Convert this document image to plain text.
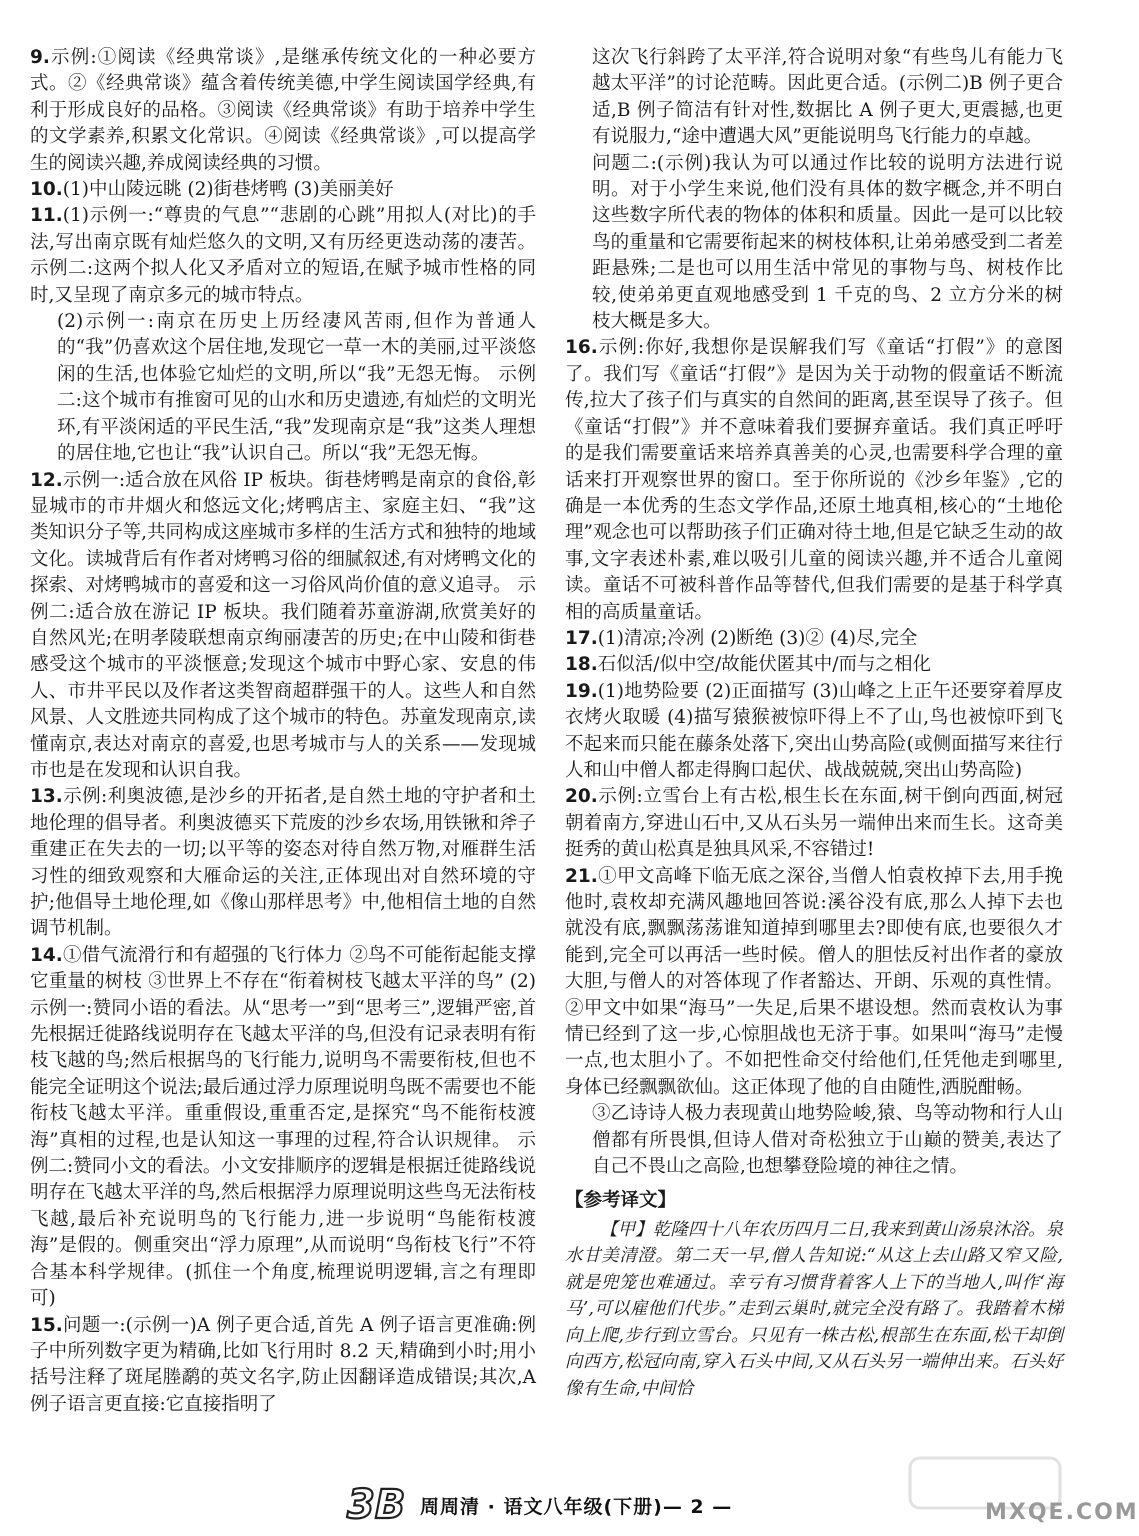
9.示例:①阅读《经典常谈》,是继承传统文化的一种必要方式。②《经典常谈》蕴含着传统美德,中学生阅读国学经典,有利于形成良好的品格。③阅读《经典常谈》有助于培养中学生的文学素养,积累文化常识。④阅读《经典常谈》,可以提高学生的阅读兴趣,养成阅读经典的习惯。

10.(1)中山陵远眺 (2)街巷烤鸭 (3)美丽美好

11.(1)示例一:“尊贵的气息”“悲剧的心跳”用拟人(对比)的手法,写出南京既有灿烂悠久的文明,又有历经更迭动荡的凄苦。 示例二:这两个拟人化又矛盾对立的短语,在赋予城市性格的同时,又呈现了南京多元的城市特点。

(2)示例一:南京在历史上历经凄风苦雨,但作为普通人的“我”仍喜欢这个居住地,发现它一草一木的美丽,过平淡悠闲的生活,也体验它灿烂的文明,所以“我”无怨无悔。 示例二:这个城市有推窗可见的山水和历史遗迹,有灿烂的文明光环,有平淡闲适的平民生活,“我”发现南京是“我”这类人理想的居住地,它也让“我”认识自己。所以“我”无怨无悔。

12.示例一:适合放在风俗 IP 板块。街巷烤鸭是南京的食俗,彰显城市的市井烟火和悠远文化;烤鸭店主、家庭主妇、“我”这类知识分子等,共同构成这座城市多样的生活方式和独特的地域文化。读城背后有作者对烤鸭习俗的细腻叙述,有对烤鸭文化的探索、对烤鸭城市的喜爱和这一习俗风尚价值的意义追寻。 示例二:适合放在游记 IP 板块。我们随着苏童游湖,欣赏美好的自然风光;在明孝陵联想南京绚丽凄苦的历史;在中山陵和街巷感受这个城市的平淡惬意;发现这个城市中野心家、安息的伟人、市井平民以及作者这类智商超群强干的人。这些人和自然风景、人文胜迹共同构成了这个城市的特色。苏童发现南京,读懂南京,表达对南京的喜爱,也思考城市与人的关系——发现城市也是在发现和认识自我。

13.示例:利奥波德,是沙乡的开拓者,是自然土地的守护者和土地伦理的倡导者。利奥波德买下荒废的沙乡农场,用铁锹和斧子重建正在失去的一切;以平等的姿态对待自然万物,对雁群生活习性的细致观察和大雁命运的关注,正体现出对自然环境的守护;他倡导土地伦理,如《像山那样思考》中,他相信土地的自然调节机制。

14.①借气流滑行和有超强的飞行体力 ②鸟不可能衔起能支撑它重量的树枝 ③世界上不存在“衔着树枝飞越太平洋的鸟” (2)示例一:赞同小语的看法。从“思考一”到“思考三”,逻辑严密,首先根据迁徙路线说明存在飞越太平洋的鸟,但没有记录表明有衔枝飞越的鸟;然后根据鸟的飞行能力,说明鸟不需要衔枝,但也不能完全证明这个说法;最后通过浮力原理说明鸟既不需要也不能衔枝飞越太平洋。重重假设,重重否定,是探究“鸟不能衔枝渡海”真相的过程,也是认知这一事理的过程,符合认识规律。 示例二:赞同小文的看法。小文安排顺序的逻辑是根据迁徙路线说明存在飞越太平洋的鸟,然后根据浮力原理说明这些鸟无法衔枝飞越,最后补充说明鸟的飞行能力,进一步说明“鸟能衔枝渡海”是假的。侧重突出“浮力原理”,从而说明“鸟衔枝飞行”不符合基本科学规律。(抓住一个角度,梳理说明逻辑,言之有理即可)

15.问题一:(示例一)A 例子更合适,首先 A 例子语言更准确:例子中所列数字更为精确,比如飞行用时 8.2 天,精确到小时;用小括号注释了斑尾塍鹬的英文名字,防止因翻译造成错误;其次,A 例子语言更直接:它直接指明了

这次飞行斜跨了太平洋,符合说明对象“有些鸟儿有能力飞越太平洋”的讨论范畴。因此更合适。(示例二)B 例子更合适,B 例子简洁有针对性,数据比 A 例子更大,更震撼,也更有说服力,“途中遭遇大风”更能说明鸟飞行能力的卓越。

问题二:(示例)我认为可以通过作比较的说明方法进行说明。对于小学生来说,他们没有具体的数字概念,并不明白这些数字所代表的物体的体积和质量。因此一是可以比较鸟的重量和它需要衔起来的树枝体积,让弟弟感受到二者差距悬殊;二是也可以用生活中常见的事物与鸟、树枝作比较,使弟弟更直观地感受到 1 千克的鸟、2 立方分米的树枝大概是多大。

16.示例:你好,我想你是误解我们写《童话“打假”》的意图了。我们写《童话“打假”》是因为关于动物的假童话不断流传,拉大了孩子们与真实的自然间的距离,甚至误导了孩子。但《童话“打假”》并不意味着我们要摒弃童话。我们真正呼吁的是我们需要童话来培养真善美的心灵,也需要科学合理的童话来打开观察世界的窗口。至于你所说的《沙乡年鉴》,它的确是一本优秀的生态文学作品,还原土地真相,核心的“土地伦理”观念也可以帮助孩子们正确对待土地,但是它缺乏生动的故事,文字表述朴素,难以吸引儿童的阅读兴趣,并不适合儿童阅读。童话不可被科普作品等替代,但我们需要的是基于科学真相的高质量童话。

17.(1)清凉;冷冽 (2)断绝 (3)② (4)尽,完全

18.石似活/似中空/故能伏匿其中/而与之相化

19.(1)地势险要 (2)正面描写 (3)山峰之上正午还要穿着厚皮衣烤火取暖 (4)描写猿猴被惊吓得上不了山,鸟也被惊吓到飞不起来而只能在藤条处落下,突出山势高险(或侧面描写来往行人和山中僧人都走得胸口起伏、战战兢兢,突出山势高险)

20.示例:立雪台上有古松,根生长在东面,树干倒向西面,树冠朝着南方,穿进山石中,又从石头另一端伸出来而生长。这奇美挺秀的黄山松真是独具风采,不容错过!

21.①甲文高峰下临无底之深谷,当僧人怕袁枚掉下去,用手挽他时,袁枚却充满风趣地回答说:溪谷没有底,那么人掉下去也就没有底,飘飘荡荡谁知道掉到哪里去?即使有底,也要很久才能到,完全可以再活一些时候。僧人的胆怯反衬出作者的豪放大胆,与僧人的对答体现了作者豁达、开朗、乐观的真性情。②甲文中如果“海马”一失足,后果不堪设想。然而袁枚认为事情已经到了这一步,心惊胆战也无济于事。如果叫“海马”走慢一点,也太胆小了。不如把性命交付给他们,任凭他走到哪里,身体已经飘飘欲仙。这正体现了他的自由随性,洒脱酣畅。

③乙诗诗人极力表现黄山地势险峻,猿、鸟等动物和行人山僧都有所畏惧,但诗人借对奇松独立于山巅的赞美,表达了自己不畏山之高险,也想攀登险境的神往之情。

【参考译文】

【甲】乾隆四十八年农历四月二日,我来到黄山汤泉沐浴。泉水甘美清澄。第二天一早,僧人告知说:“从这上去山路又窄又险,就是兜笼也难通过。幸亏有习惯背着客人上下的当地人,叫作‘海马’,可以雇他们代步。”走到云巢时,就完全没有路了。我踏着木梯向上爬,步行到立雪台。只见有一株古松,根部生在东面,松干却倒向西方,松冠向南,穿入石头中间,又从石头另一端伸出来。石头好像有生命,中间恰

3B 周周清 · 语文八年级(下册)— 2 —	MXQE.COM
